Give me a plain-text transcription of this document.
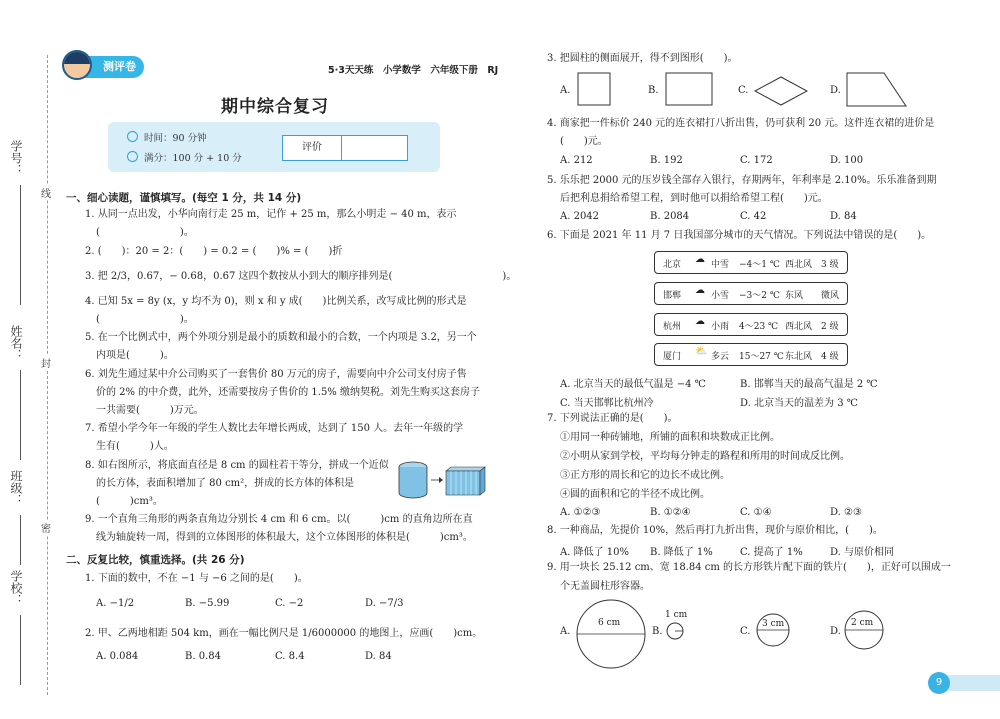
学号：
姓名：
班级：
学校：
线
封
密
测评卷	5·3天天练　小学数学　六年级下册　RJ
期中综合复习
时间：90 分钟
满分：100 分 + 10 分
评价
一、细心读题，谨慎填写。(每空 1 分，共 14 分)
1. 从同一点出发，小华向南行走 25 m，记作 + 25 m，那么小明走 − 40 m，表示
(　　　　　　　　)。
2. (　　)：20 = 2：(　　) = 0.2 = (　　)% = (　　)折
3. 把 2/3，0.67，− 0.68，0.6̇7̇ 这四个数按从小到大的顺序排列是(　　　　　　　　　　　)。
4. 已知 5x = 8y (x，y 均不为 0)，则 x 和 y 成(　　)比例关系，改写成比例的形式是
(　　　　　　　　)。
5. 在一个比例式中，两个外项分别是最小的质数和最小的合数，一个内项是 3.2，另一个
内项是(　　　)。
6. 刘先生通过某中介公司购买了一套售价 80 万元的房子，需要向中介公司支付房子售
价的 2% 的中介费，此外，还需要按房子售价的 1.5% 缴纳契税。刘先生购买这套房子
一共需要(　　　)万元。
7. 希望小学今年一年级的学生人数比去年增长两成，达到了 150 人。去年一年级的学
生有(　　　)人。
8. 如右图所示，将底面直径是 8 cm 的圆柱若干等分，拼成一个近似
的长方体，表面积增加了 80 cm²，拼成的长方体的体积是
(　　　)cm³。
9. 一个直角三角形的两条直角边分别长 4 cm 和 6 cm。以(　　　)cm 的直角边所在直
线为轴旋转一周，得到的立体图形的体积最大，这个立体图形的体积是(　　　)cm³。
二、反复比较，慎重选择。(共 26 分)
1. 下面的数中，不在 −1 与 −6 之间的是(　　)。
A. −1/2	B. −5.99	C. −2	D. −7/3
2. 甲、乙两地相距 504 km，画在一幅比例尺是 1/6000000 的地图上，应画(　　)cm。
A. 0.084	B. 0.84	C. 8.4	D. 84
3. 把圆柱的侧面展开，得不到图形(　　)。
A.	B.	C.	D.
4. 商家把一件标价 240 元的连衣裙打八折出售，仍可获利 20 元。这件连衣裙的进价是
(　　)元。
A. 212	B. 192	C. 172	D. 100
5. 乐乐把 2000 元的压岁钱全部存入银行，存期两年，年利率是 2.10%。乐乐准备到期
后把利息捐给希望工程，到时他可以捐给希望工程(　　)元。
A. 2042	B. 2084	C. 42	D. 84
6. 下面是 2021 年 11 月 7 日我国部分城市的天气情况。下列说法中错误的是(　　)。
北京 ☁ 中雪 −4～1 ℃ 西北风 3 级
邯郸 ☁ 小雪 −3～2 ℃ 东风 微风
杭州 ☁ 小雨 4～23 ℃ 西北风 2 级
厦门 ⛅ 多云 15～27 ℃ 东北风 4 级
A. 北京当天的最低气温是 −4 ℃	B. 邯郸当天的最高气温是 2 ℃
C. 当天邯郸比杭州冷	D. 北京当天的温差为 3 ℃
7. 下列说法正确的是(　　)。
①用同一种砖铺地，所铺的面积和块数成正比例。
②小明从家到学校，平均每分钟走的路程和所用的时间成反比例。
③正方形的周长和它的边长不成比例。
④圆的面积和它的半径不成比例。
A. ①②③	B. ①②④	C. ①④	D. ②③
8. 一种商品，先提价 10%，然后再打九折出售，现价与原价相比，(　　)。
A. 降低了 10% B. 降低了 1%	C. 提高了 1%	D. 与原价相同
9. 用一块长 25.12 cm、宽 18.84 cm 的长方形铁片配下面的铁片(　　)，正好可以围成一
个无盖圆柱形容器。
A.
6 cm
B.
1 cm
C.
3 cm
D.
2 cm
9
